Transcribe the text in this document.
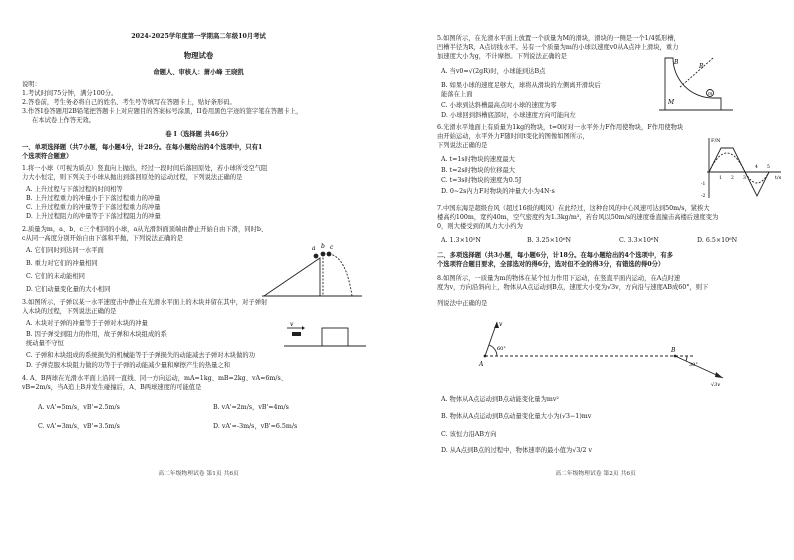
2024-2025学年度第一学期高二年级10月考试
物理试卷
命题人、审核人：萧小峰 王晓凯
说明：
1.考试时间75分钟，满分100分。
2.答卷前，考生务必将自己的姓名、考生号等填写在答题卡上，贴好条形码。
3.作答I卷答题用2B铅笔把答题卡上对应题目的答案标号涂黑，II卷用黑色字迹的签字笔在答题卡上，
在本试卷上作答无效。
卷 I（选择题 共46分）
一、单项选择题（共7小题，每小题4分，计28分。在每小题给出的4个选项中，只有1
个选项符合题意）
1.将一小球（可视为质点）竖直向上抛出，经过一段时间后落回原处，若小球所受空气阻
力大小恒定，则下列关于小球从抛出到落回原处的运动过程，下列说法正确的是
A. 上升过程与下落过程的时间相等
B. 上升过程重力的冲量小于下落过程重力的冲量
C. 上升过程重力的冲量等于下落过程重力的冲量
D. 上升过程阻力的冲量等于下落过程阻力的冲量
2.质量为m，a、b、c三个相同的小球，a从光滑斜面顶端由静止开始自由下滑，同时b、
c从同一高度分别开始自由下落和平抛，下列说法正确的是
A. 它们同时到达同一水平面
B. 重力对它们的冲量相同
C. 它们的末动能相同
D. 它们动量变化量的大小相同
a b c
3.如图所示，子弹以某一水平速度击中静止在光滑水平面上的木块并留在其中，对子弹射
入木块的过程，下列说法正确的是
A. 木块对子弹的冲量等于子弹对木块的冲量
B. 因子弹受到阻力的作用，故子弹和木块组成的系
统动量不守恒
C. 子弹和木块组成的系统损失的机械能等于子弹损失的动能减去子弹对木块做的功
D. 子弹克服木块阻力做的功等于子弹的动能减少量和摩擦产生的热量之和
v
4. A、B两球在光滑水平面上沿同一直线、同一方向运动，mA=1kg、mB=2kg、vA=6m/s、
vB=2m/s，当A追上B并发生碰撞后，A、B两球速度的可能值是
A. vA'=5m/s，vB'=2.5m/s	B. vA'=2m/s，vB'=4m/s
C. vA'=3m/s，vB'=3.5m/s	D. vA'=-3m/s，vB'=6.5m/s
高二年级物理试卷 第1页 共6页
5.如图所示，在光滑水平面上放置一个质量为M的滑块，滑块的一侧是一个1/4弧形槽，
凹槽半径为R，A点切线水平。另有一个质量为m的小球以速度v0从A点冲上滑块，重力
加速度大小为g，不计摩擦。下列说法正确的是
A. 当v0=√(2gR)时，小球能到达B点
B. 如果小球的速度足够大，球将从滑块的左侧离开滑块后
能落在上面
C. 小球到达斜槽最高点时小球的速度为零
D. 小球回到斜槽底部时，小球速度方向可能向左
R
B
M
m
6.光滑水平地面上有质量为1kg的物块，t=0时对一水平外力F作用使物块，F作用使物块
由开始运动，水平外力F随时间t变化的图像如图所示，
下列说法正确的是
A. t=1s时物块的速度最大
B. t=2s时物块的位移最大
C. t=3s时物块的速度为0.5J
D. 0~2s内力F对物块的冲量大小为4N·s
F/N
t/s
1 2 3
4 5
-1
-2
7.中国东海是超级台风（超过16级的飓风）在此经过，这种台风的中心风速可达到50m/s，紧挨大
楼高约100m，宽约40m，空气密度约为1.3kg/m³，若台风以50m/s的速度垂直撞击高楼后速度变为
0，则大楼受到的风力大小约为
A. 1.3×10⁵N	B. 3.25×10⁶N	C. 3.3×10⁶N	D. 6.5×10⁶N
二、多项选择题（共3小题，每小题6分，计18分。在每小题给出的4个选项中，有多
个选项符合题目要求，全部选对的得6分，选对但不全的得3分，有错选的得0分）
8.如图所示，一质量为m的物体在某个恒力作用下运动，在竖直平面内运动，在A点时速
度为v，方向沿斜向上，物体从A点运动到B点，速度大小变为√3v，方向沿与速度AB成60°，则下
列说法中正确的是
v
A
60°
30°
B
√3v
A. 物体从A点运动到B点动能变化量为mv²
B. 物体从A点运动到B点动量变化量大小为(√3−1)mv
C. 该恒力沿AB方向
D. 从A点到B点的过程中，物体速率的最小值为√3/2 v
高二年级物理试卷 第2页 共6页
